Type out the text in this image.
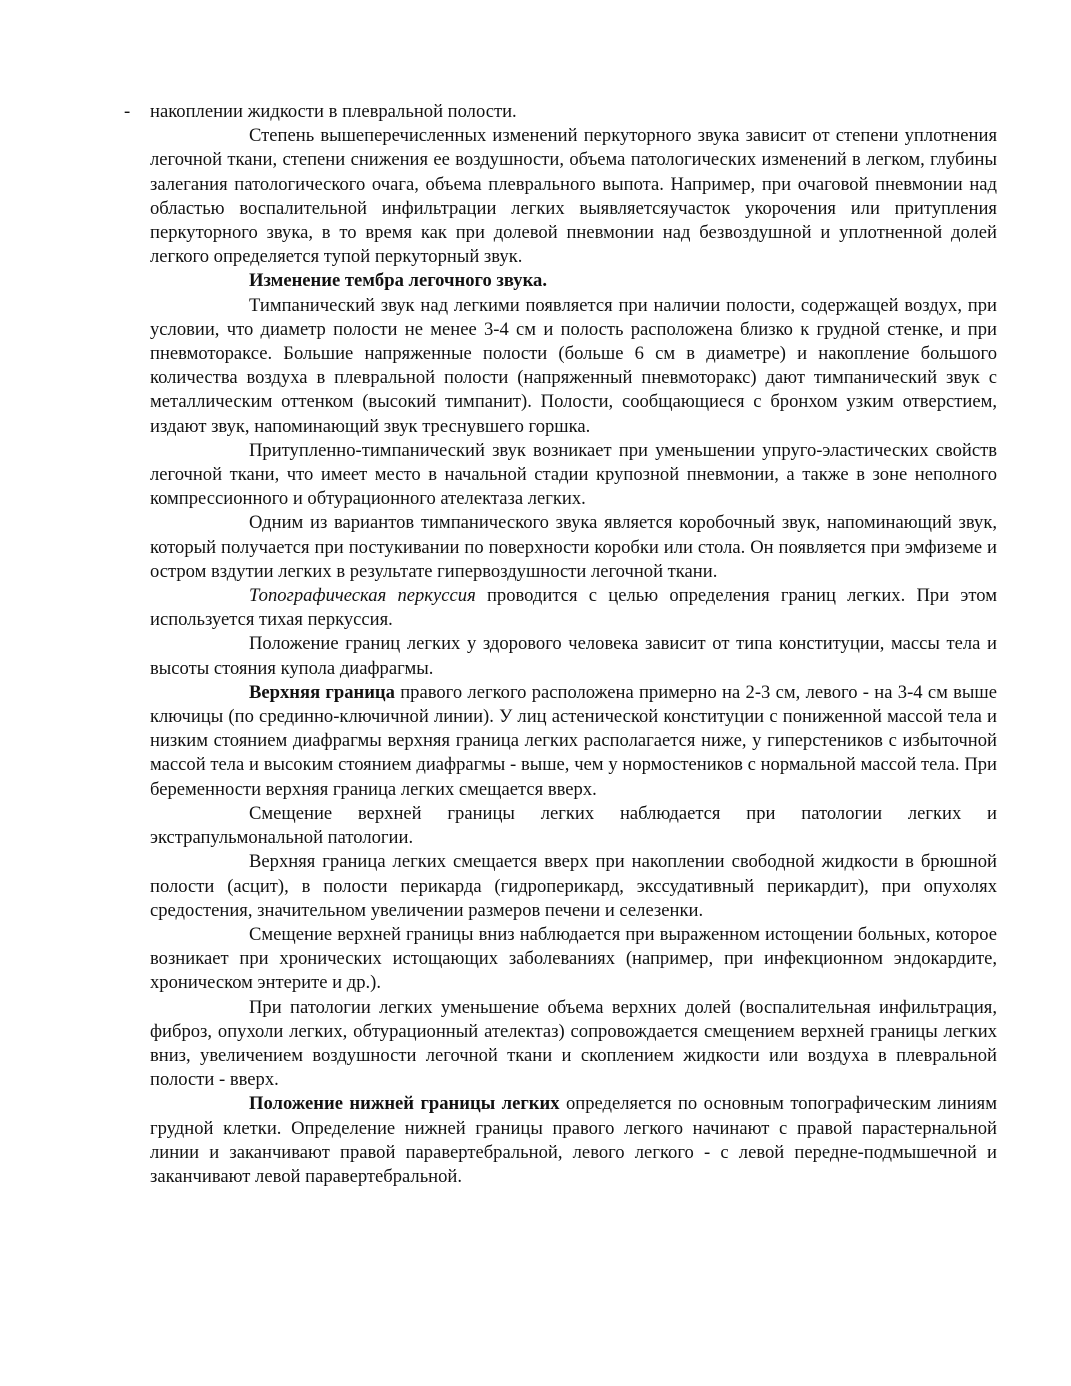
- накоплении жидкости в плевральной полости.

Степень вышеперечисленных изменений перкуторного звука зависит от степени уплотнения легочной ткани, степени снижения ее воздушности, объема патологических изменений в легком, глубины залегания патологического очага, объема плеврального выпота. Например, при очаговой пневмонии над областью воспалительной инфильтрации легких выявляетсяучасток укорочения или притупления перкуторного звука, в то время как при долевой пневмонии над безвоздушной и уплотненной долей легкого определяется тупой перкуторный звук.

Изменение тембра легочного звука.

Тимпанический звук над легкими появляется при наличии полости, содержащей воздух, при условии, что диаметр полости не менее 3-4 см и полость расположена близко к грудной стенке, и при пневмотораксе. Большие напряженные полости (больше 6 см в диаметре) и накопление большого количества воздуха в плевральной полости (напряженный пневмоторакс) дают тимпанический звук с металлическим оттенком (высокий тимпанит). Полости, сообщающиеся с бронхом узким отверстием, издают звук, напоминающий звук треснувшего горшка.

Притупленно-тимпанический звук возникает при уменьшении упруго-эластических свойств легочной ткани, что имеет место в начальной стадии крупозной пневмонии, а также в зоне неполного компрессионного и обтурационного ателектаза легких.

Одним из вариантов тимпанического звука является коробочный звук, напоминающий звук, который получается при постукивании по поверхности коробки или стола. Он появляется при эмфиземе и остром вздутии легких в результате гипервоздушности легочной ткани.

Топографическая перкуссия проводится с целью определения границ легких. При этом используется тихая перкуссия.

Положение границ легких у здорового человека зависит от типа конституции, массы тела и высоты стояния купола диафрагмы.

Верхняя граница правого легкого расположена примерно на 2-3 см, левого - на 3-4 см выше ключицы (по срединно-ключичной линии). У лиц астенической конституции с пониженной массой тела и низким стоянием диафрагмы верхняя граница легких располагается ниже, у гиперстеников с избыточной массой тела и высоким стоянием диафрагмы - выше, чем у нормостеников с нормальной массой тела. При беременности верхняя граница легких смещается вверх.

Смещение верхней границы легких наблюдается при патологии легких и экстрапульмональной патологии.

Верхняя граница легких смещается вверх при накоплении свободной жидкости в брюшной полости (асцит), в полости перикарда (гидроперикард, экссудативный перикардит), при опухолях средостения, значительном увеличении размеров печени и селезенки.

Смещение верхней границы вниз наблюдается при выраженном истощении больных, которое возникает при хронических истощающих заболеваниях (например, при инфекционном эндокардите, хроническом энтерите и др.).

При патологии легких уменьшение объема верхних долей (воспалительная инфильтрация, фиброз, опухоли легких, обтурационный ателектаз) сопровождается смещением верхней границы легких вниз, увеличением воздушности легочной ткани и скоплением жидкости или воздуха в плевральной полости - вверх.

Положение нижней границы легких определяется по основным топографическим линиям грудной клетки. Определение нижней границы правого легкого начинают с правой парастернальной линии и заканчивают правой паравертебральной, левого легкого - с левой передне-подмышечной и заканчивают левой паравертебральной.
